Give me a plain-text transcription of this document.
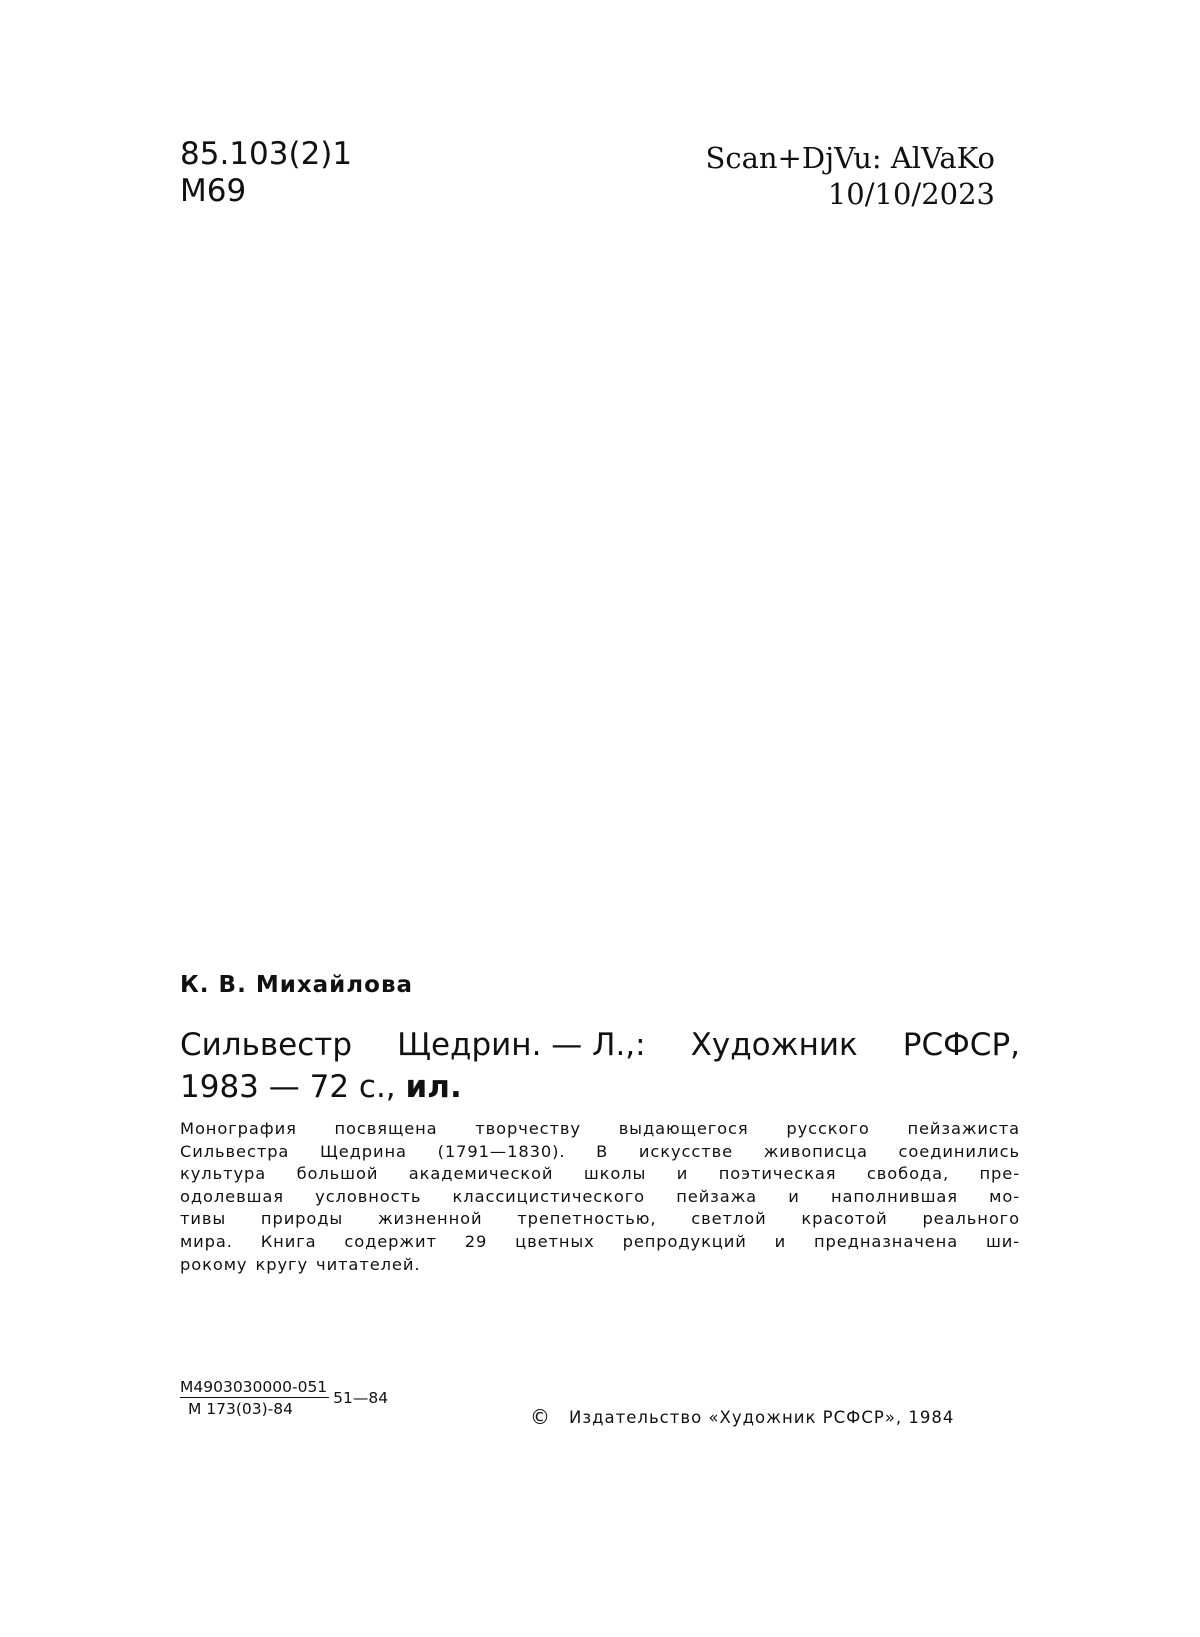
85.103(2)1
М69
Scan+DjVu: AlVaKo
10/10/2023
К. В. Михайлова
Сильвестр Щедрин. — Л.,: Художник РСФСР,
1983 — 72 с., ил.
Монография посвящена творчеству выдающегося русского пейзажиста
Сильвестра Щедрина (1791—1830). В искусстве живописца соединились
культура большой академической школы и поэтическая свобода, пре-
одолевшая условность классицистического пейзажа и наполнившая мо-
тивы природы жизненной трепетностью, светлой красотой реального
мира. Книга содержит 29 цветных репродукций и предназначена ши-
рокому кругу читателей.
$\frac{М4903030000-051}{М 173(03)-84}$ 51—84
© Издательство «Художник РСФСР», 1984
